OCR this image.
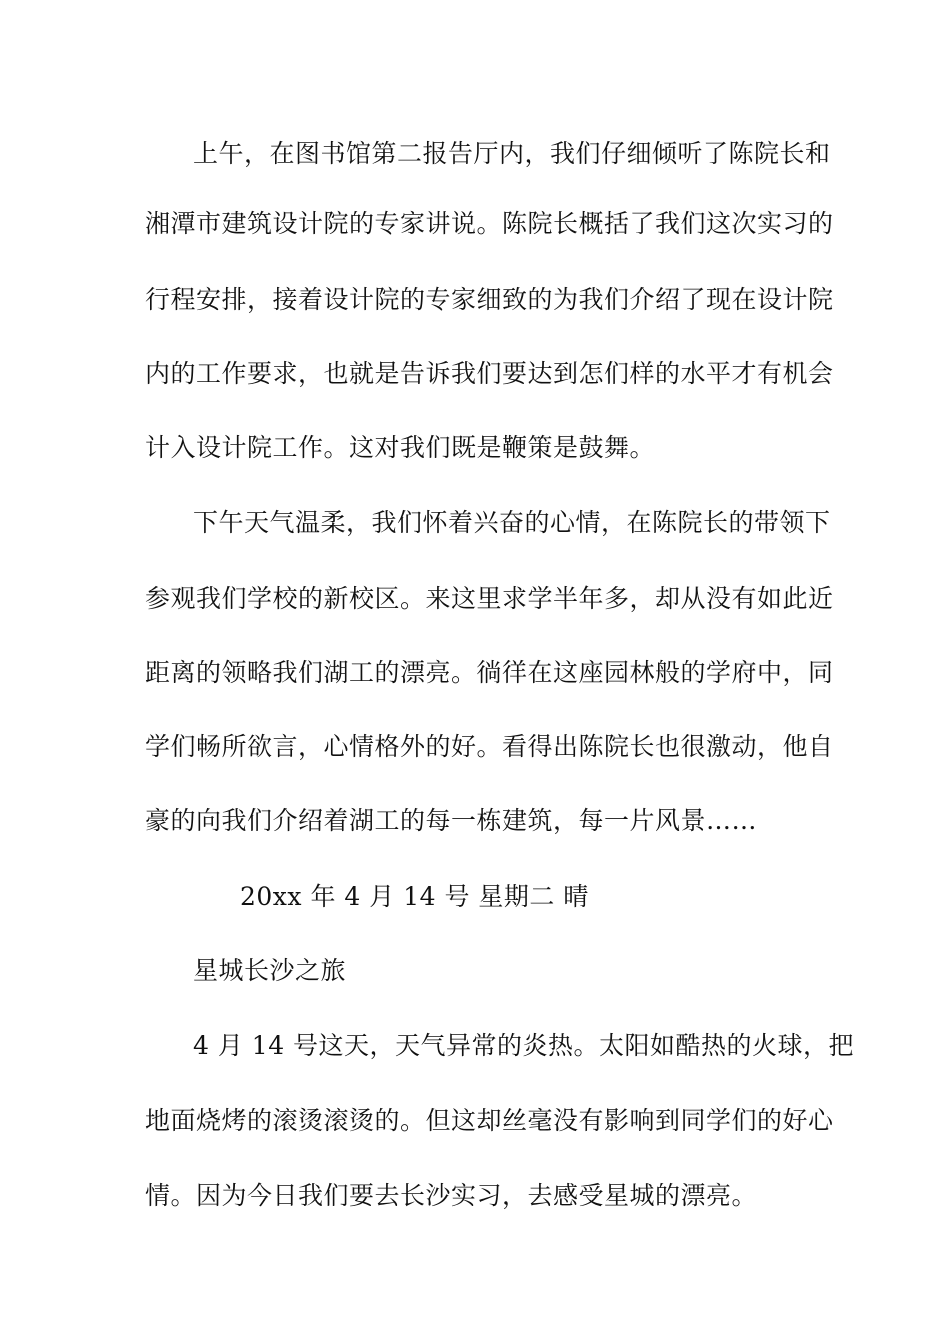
上午，在图书馆第二报告厅内，我们仔细倾听了陈院长和
湘潭市建筑设计院的专家讲说。陈院长概括了我们这次实习的
行程安排，接着设计院的专家细致的为我们介绍了现在设计院
内的工作要求，也就是告诉我们要达到怎们样的水平才有机会
计入设计院工作。这对我们既是鞭策是鼓舞。
下午天气温柔，我们怀着兴奋的心情，在陈院长的带领下
参观我们学校的新校区。来这里求学半年多，却从没有如此近
距离的领略我们湖工的漂亮。徜徉在这座园林般的学府中，同
学们畅所欲言，心情格外的好。看得出陈院长也很激动，他自
豪的向我们介绍着湖工的每一栋建筑，每一片风景……
20xx 年 4 月 14 号 星期二 晴
星城长沙之旅
4 月 14 号这天，天气异常的炎热。太阳如酷热的火球，把
地面烧烤的滚烫滚烫的。但这却丝毫没有影响到同学们的好心
情。因为今日我们要去长沙实习，去感受星城的漂亮。
